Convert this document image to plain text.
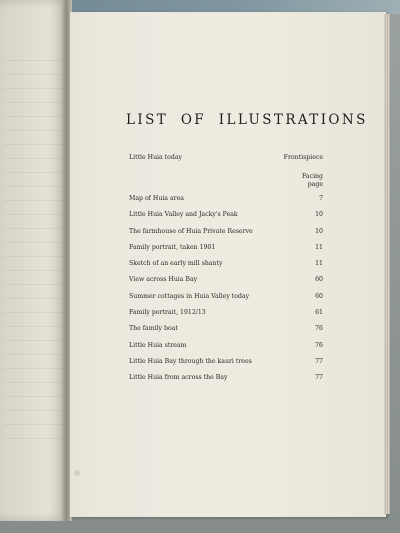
LIST OF ILLUSTRATIONS
Little Huia today	Frontispiece
Facing
page
Map of Huia area	7
Little Huia Valley and Jacky's Peak	10
The farmhouse of Huia Private Reserve	10
Family portrait, taken 1901	11
Sketch of an early mill shanty	11
View across Huia Bay	60
Summer cottages in Huia Valley today	60
Family portrait, 1912/13	61
The family boat	76
Little Huia stream	76
Little Huia Bay through the kauri trees	77
Little Huia from across the Bay	77
